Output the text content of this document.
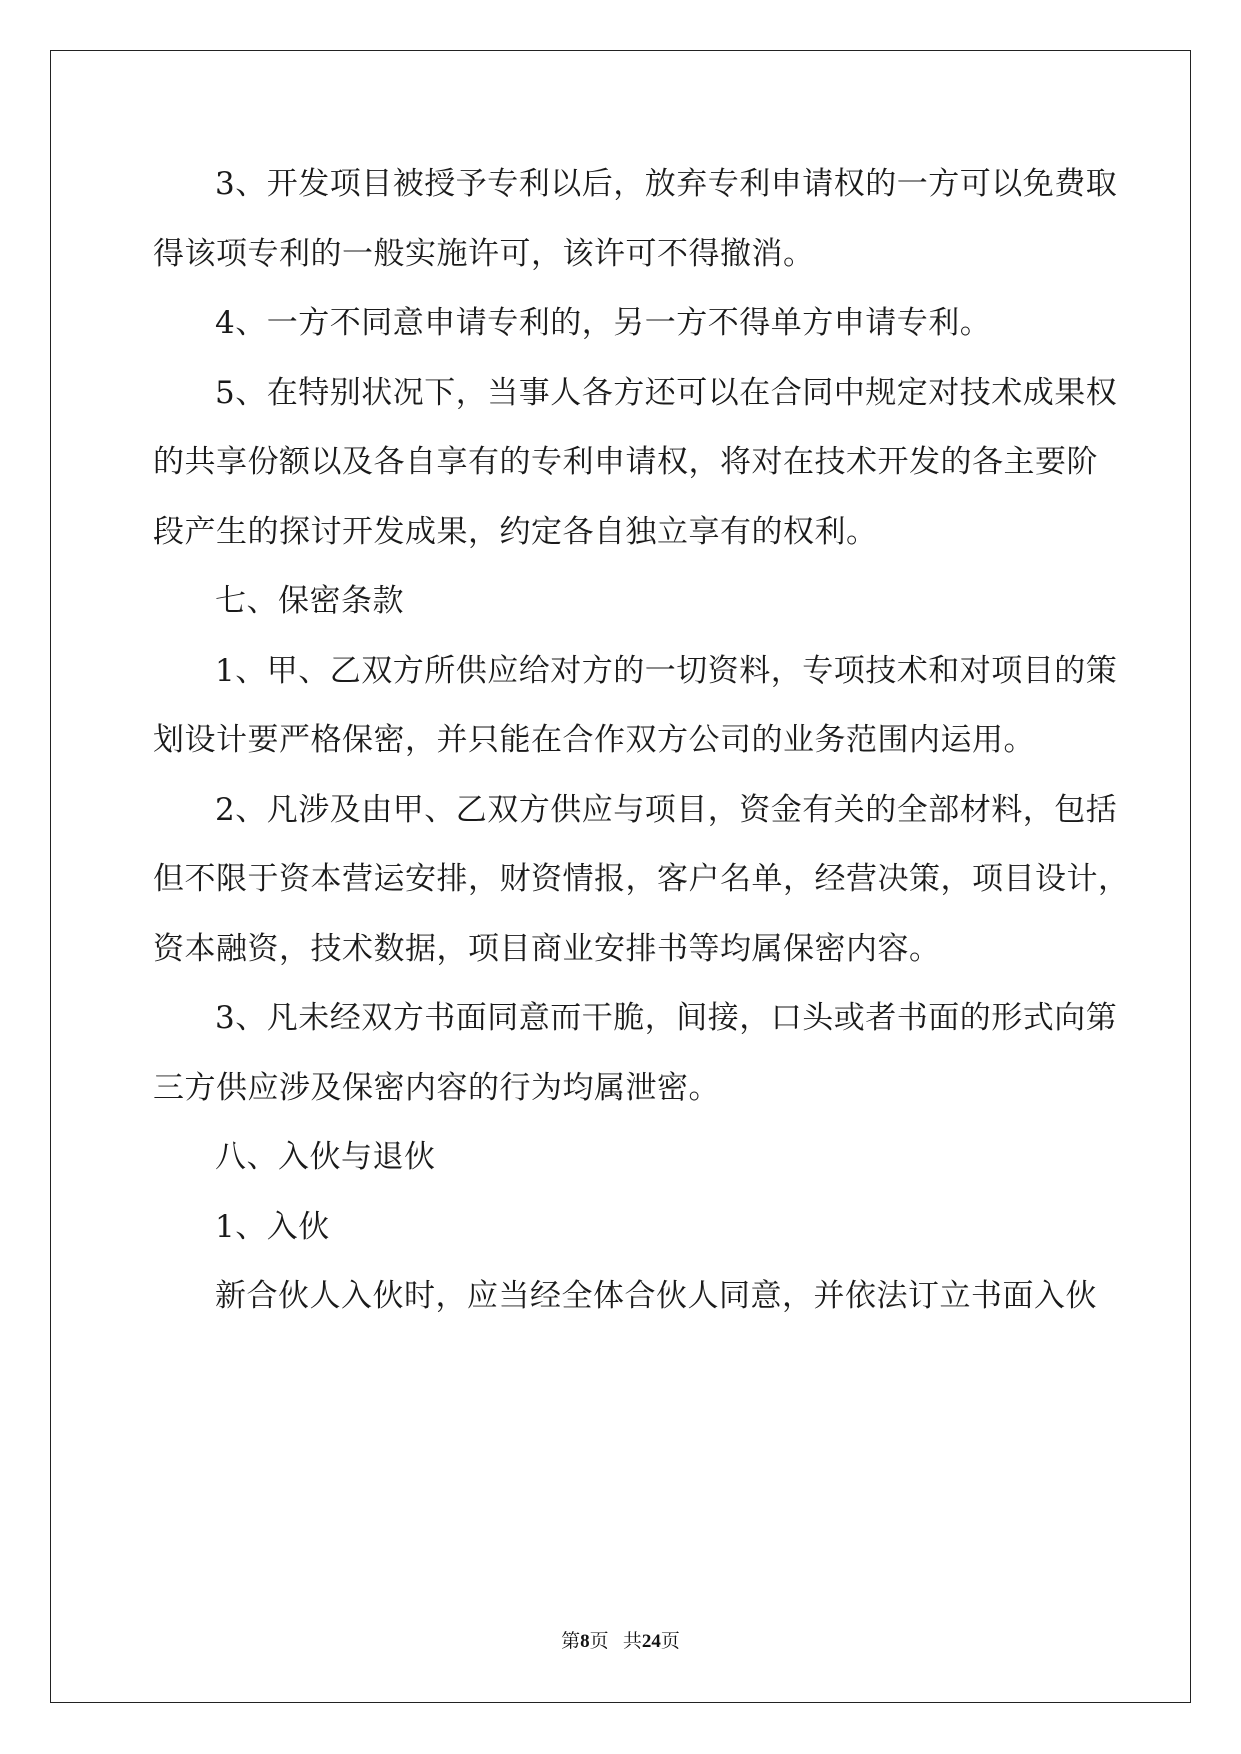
3、开发项目被授予专利以后，放弃专利申请权的一方可以免费取
得该项专利的一般实施许可，该许可不得撤消。
4、一方不同意申请专利的，另一方不得单方申请专利。
5、在特别状况下，当事人各方还可以在合同中规定对技术成果权
的共享份额以及各自享有的专利申请权，将对在技术开发的各主要阶
段产生的探讨开发成果，约定各自独立享有的权利。
七、保密条款
1、甲、乙双方所供应给对方的一切资料，专项技术和对项目的策
划设计要严格保密，并只能在合作双方公司的业务范围内运用。
2、凡涉及由甲、乙双方供应与项目，资金有关的全部材料，包括
但不限于资本营运安排，财资情报，客户名单，经营决策，项目设计，
资本融资，技术数据，项目商业安排书等均属保密内容。
3、凡未经双方书面同意而干脆，间接，口头或者书面的形式向第
三方供应涉及保密内容的行为均属泄密。
八、入伙与退伙
1、入伙
新合伙人入伙时，应当经全体合伙人同意，并依法订立书面入伙
第8页 共24页
